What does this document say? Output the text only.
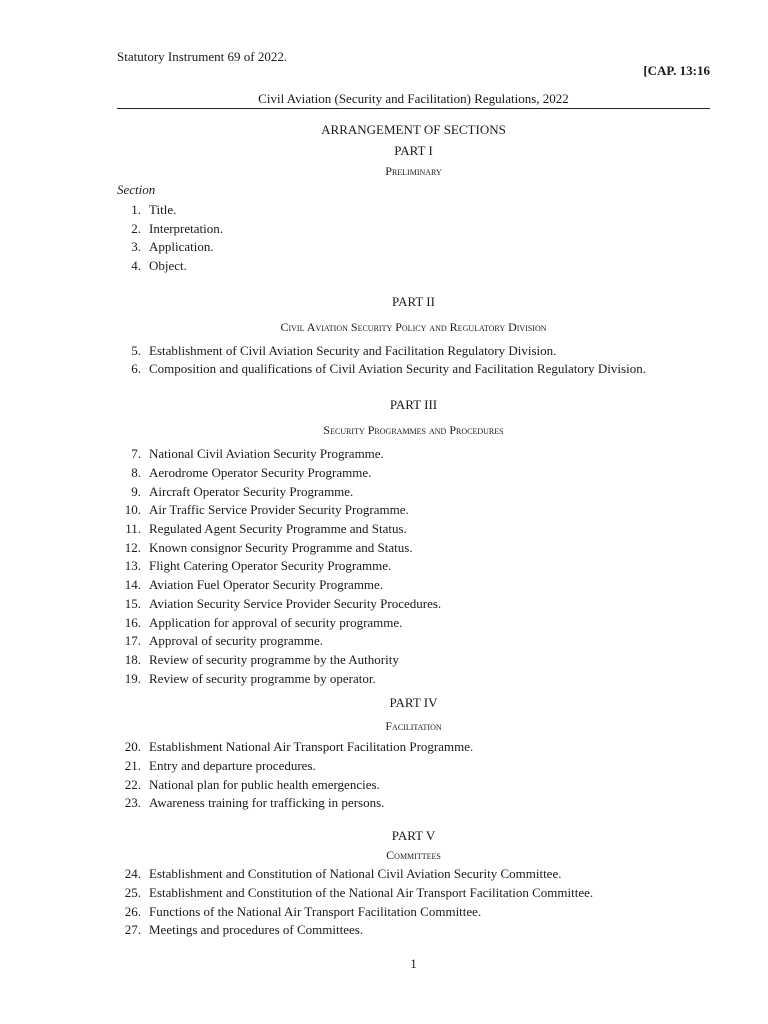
Statutory Instrument 69 of 2022.
[CAP. 13:16
Civil Aviation (Security and Facilitation) Regulations, 2022
ARRANGEMENT OF SECTIONS
PART I
Preliminary
Section
1. Title.
2. Interpretation.
3. Application.
4. Object.
PART II
Civil Aviation Security Policy and Regulatory Division
5. Establishment of Civil Aviation Security and Facilitation Regulatory Division.
6. Composition and qualifications of Civil Aviation Security and Facilitation Regulatory Division.
PART III
Security Programmes and Procedures
7. National Civil Aviation Security Programme.
8. Aerodrome Operator Security Programme.
9. Aircraft Operator Security Programme.
10. Air Traffic Service Provider Security Programme.
11. Regulated Agent Security Programme and Status.
12. Known consignor Security Programme and Status.
13. Flight Catering Operator Security Programme.
14. Aviation Fuel Operator Security Programme.
15. Aviation Security Service Provider Security Procedures.
16. Application for approval of security programme.
17. Approval of security programme.
18. Review of security programme by the Authority
19. Review of security programme by operator.
PART IV
Facilitation
20. Establishment National Air Transport Facilitation Programme.
21. Entry and departure procedures.
22. National plan for public health emergencies.
23. Awareness training for trafficking in persons.
PART V
Committees
24. Establishment and Constitution of National Civil Aviation Security Committee.
25. Establishment and Constitution of the National Air Transport Facilitation Committee.
26. Functions of the National Air Transport Facilitation Committee.
27. Meetings and procedures of Committees.
1
